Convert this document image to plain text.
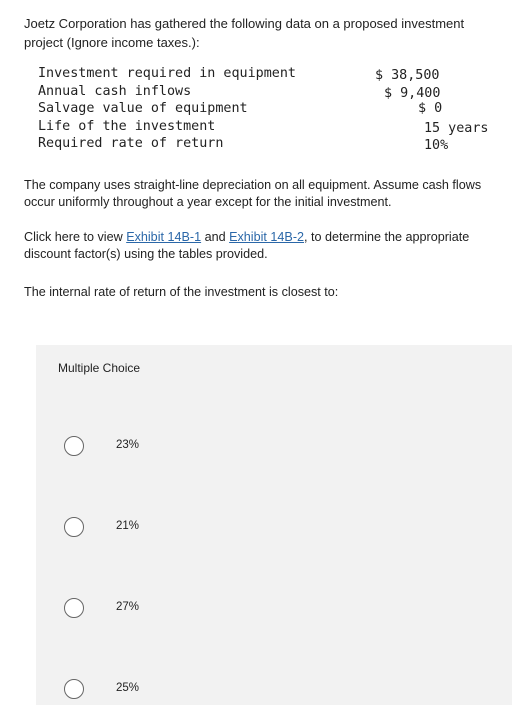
Joetz Corporation has gathered the following data on a proposed investment project (Ignore income taxes.):
Investment required in equipment	$ 38,500
Annual cash inflows	$ 9,400
Salvage value of equipment	$ 0
Life of the investment	15 years
Required rate of return	10%
The company uses straight-line depreciation on all equipment. Assume cash flows occur uniformly throughout a year except for the initial investment.
Click here to view Exhibit 14B-1 and Exhibit 14B-2, to determine the appropriate discount factor(s) using the tables provided.
The internal rate of return of the investment is closest to:
Multiple Choice
23%
21%
27%
25%
